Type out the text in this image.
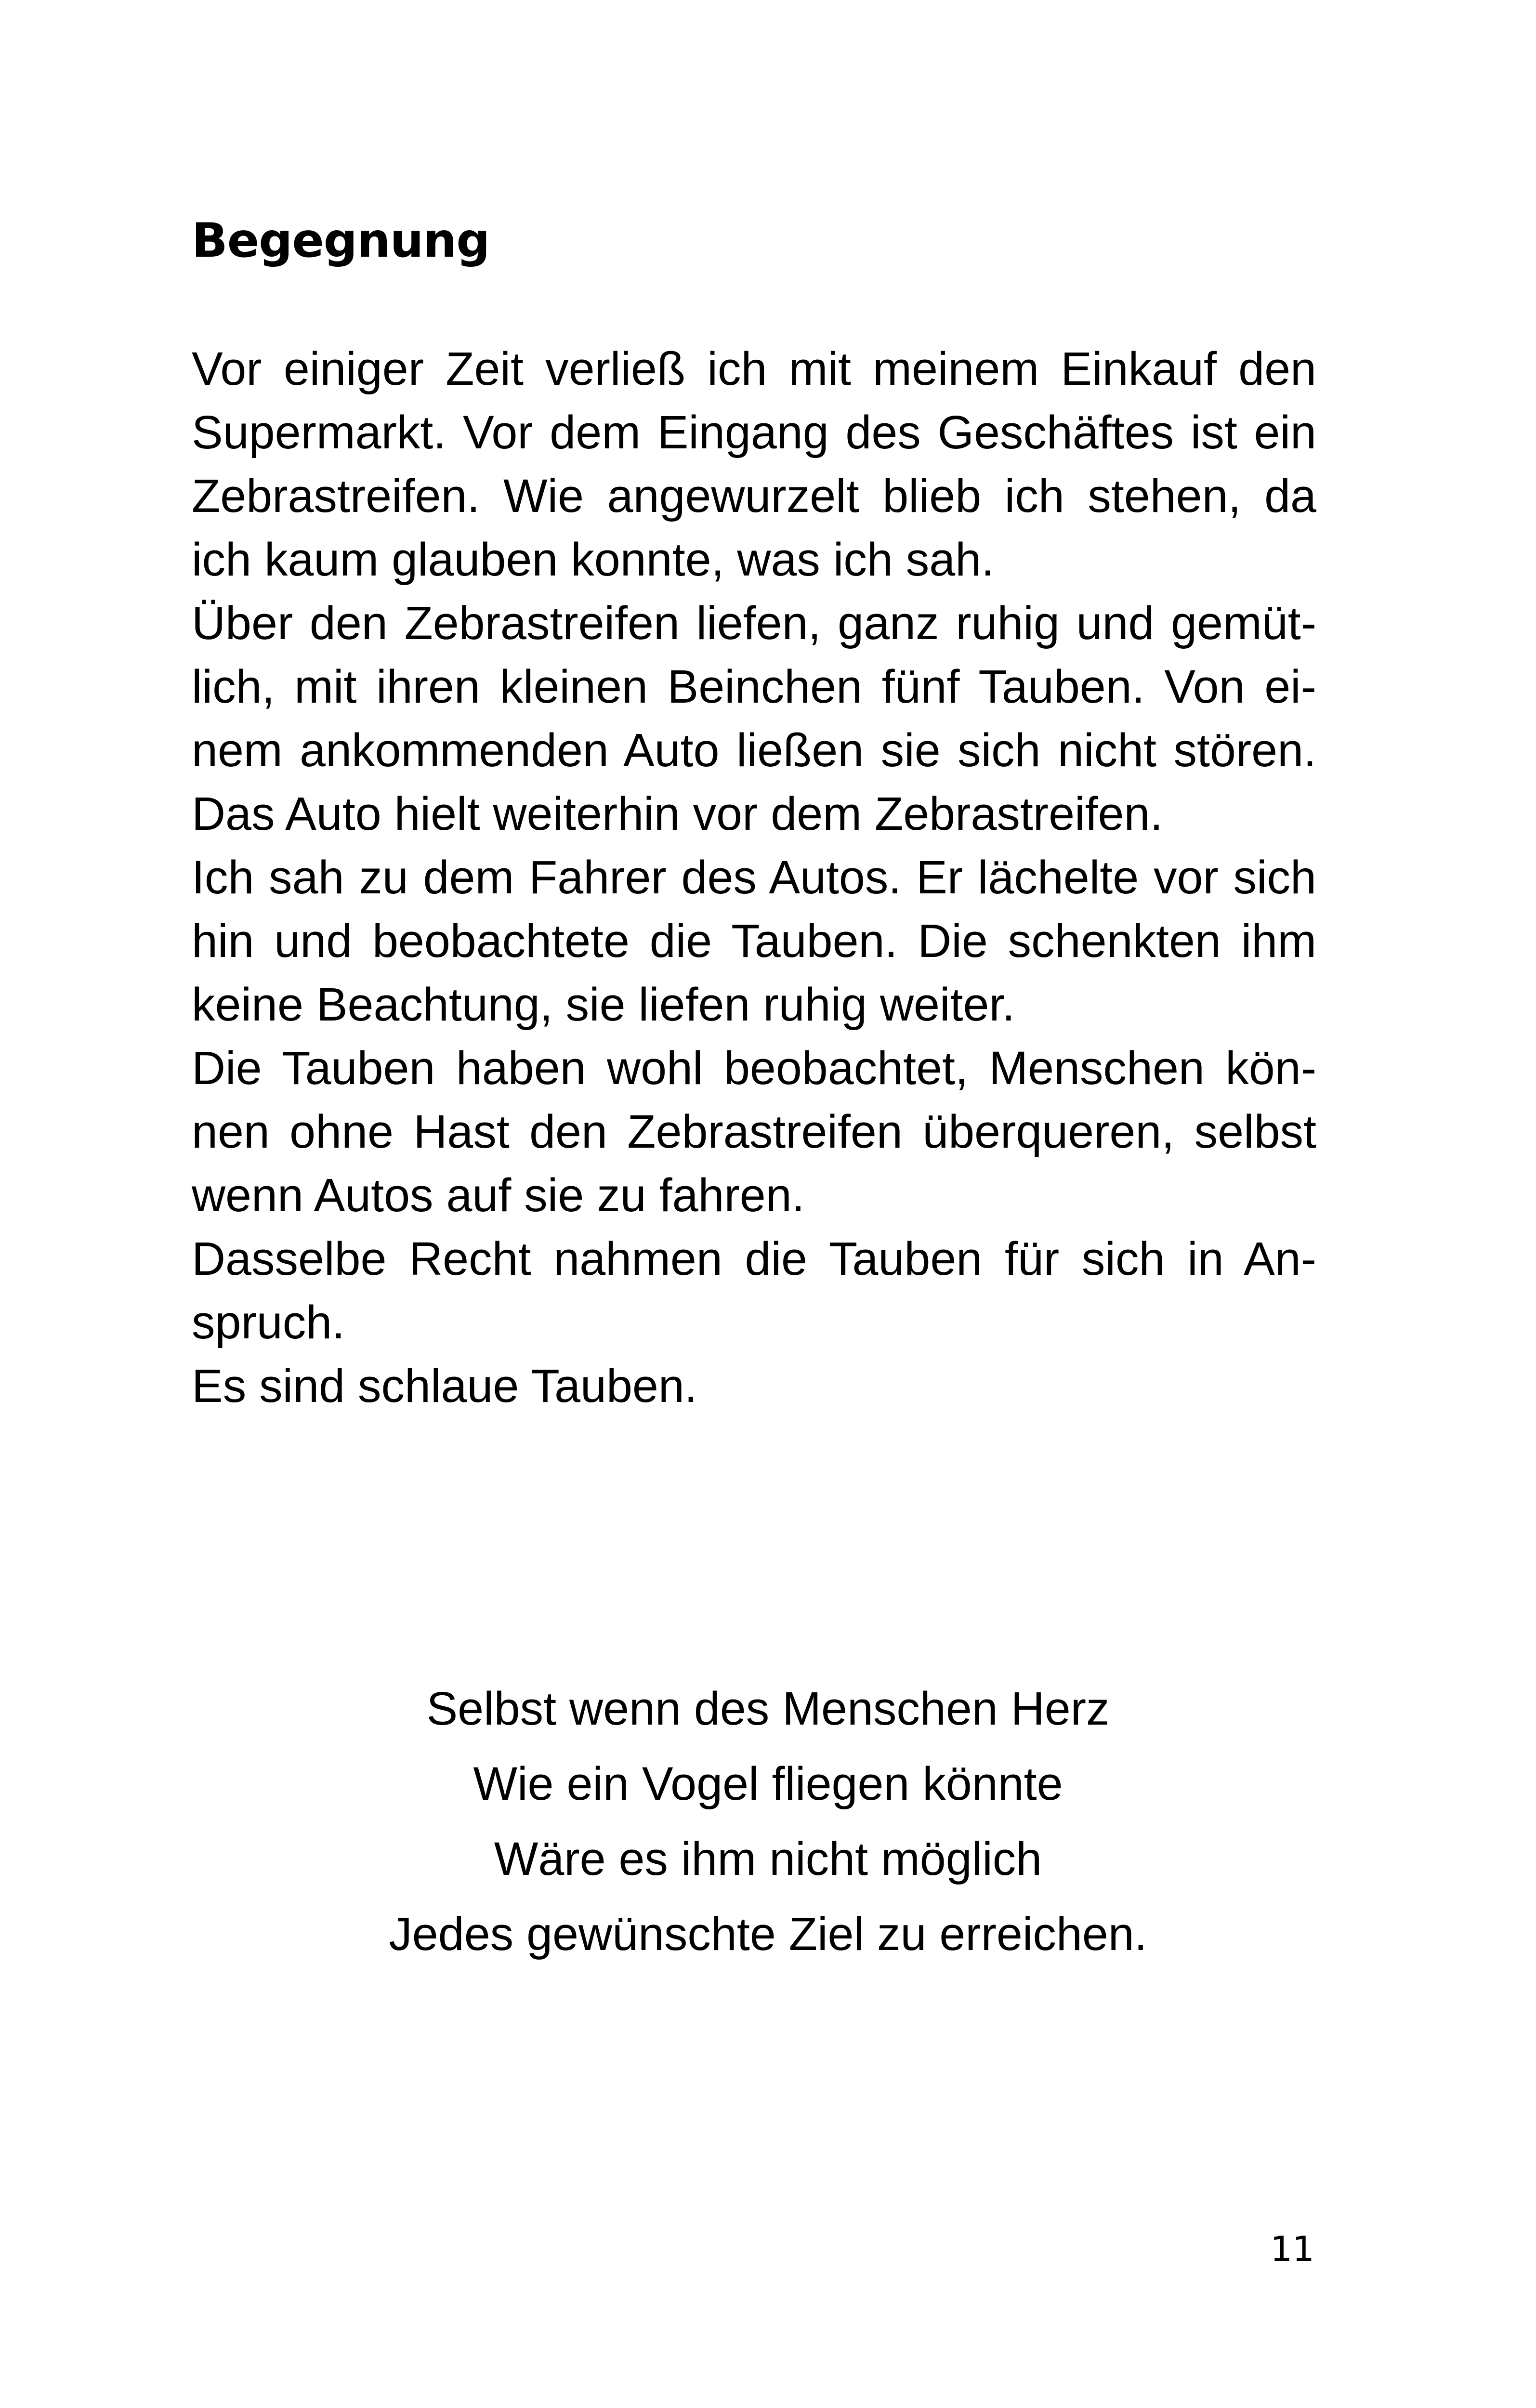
Begegnung
Vor einiger Zeit verließ ich mit meinem Einkauf den
Supermarkt. Vor dem Eingang des Geschäftes ist ein
Zebrastreifen. Wie angewurzelt blieb ich stehen, da
ich kaum glauben konnte, was ich sah.
Über den Zebrastreifen liefen, ganz ruhig und gemüt-
lich, mit ihren kleinen Beinchen fünf Tauben. Von ei-
nem ankommenden Auto ließen sie sich nicht stören.
Das Auto hielt weiterhin vor dem Zebrastreifen.
Ich sah zu dem Fahrer des Autos. Er lächelte vor sich
hin und beobachtete die Tauben. Die schenkten ihm
keine Beachtung, sie liefen ruhig weiter.
Die Tauben haben wohl beobachtet, Menschen kön-
nen ohne Hast den Zebrastreifen überqueren, selbst
wenn Autos auf sie zu fahren.
Dasselbe Recht nahmen die Tauben für sich in An-
spruch.
Es sind schlaue Tauben.
Selbst wenn des Menschen Herz
Wie ein Vogel fliegen könnte
Wäre es ihm nicht möglich
Jedes gewünschte Ziel zu erreichen.
11
